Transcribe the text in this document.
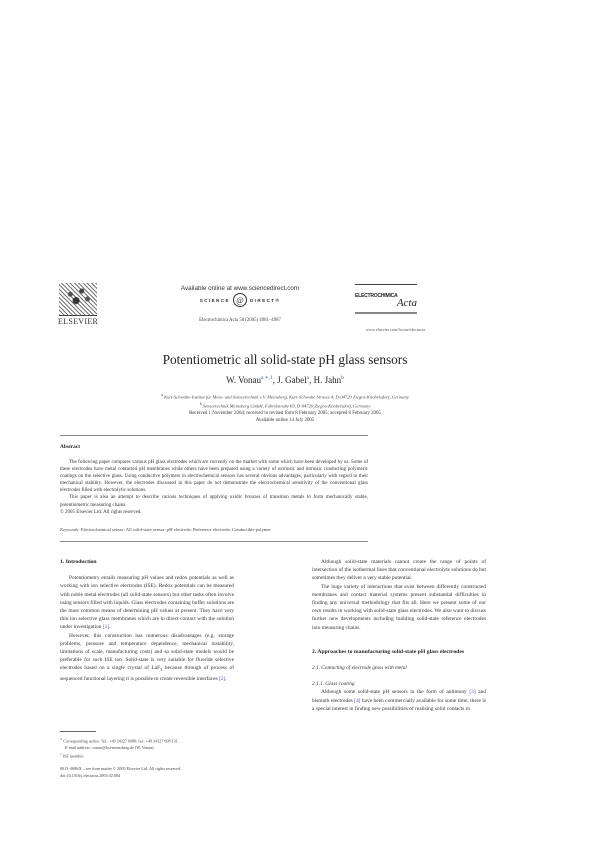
ELSEVIER
Available online at www.sciencedirect.com
SCIENCE @	DIRECT®
Electrochimica Acta 50 (2005) 4981–4987
ELECTROCHIMICA
Acta
www.elsevier.com/locate/electacta
Potentiometric all solid-state pH glass sensors
W. Vonau$^{a,∗,1}$, J. Gabel$^a$, H. Jahn$^b$
$^a$ Kurt-Schwabe-Institut für Mess- und Sensortechnik e.V. Meinsberg, Kurt-Schwabe Strasse 4, D-04720 Ziegra-Knobelsdorf, Germany
$^b$ Sensortechnik Meinsberg GmbH, Fabrikstraße 69, D-04720 Ziegra-Knobelsdorf, Germany
Received 1 November 2004; received in revised form 8 February 2005; accepted 8 February 2005
Available online 14 July 2005
Abstract

The following paper compares various pH glass electrodes which are currently on the market with some which have been developed by us. Some of these electrodes have metal contacted pH membranes while others have been prepared using a variety of extrinsic and intrinsic conducting polymeric coatings on the selective glass. Using conductive polymers in electrochemical sensors has several obvious advantages, particularly with regard to their mechanical stability. However, the electrodes discussed in this paper do not demonstrate the electrochemical sensitivity of the conventional glass electrodes filled with electrolytic solutions.

This paper is also an attempt to describe various techniques of applying oxidic bronzes of transition metals to form mechanically stable, potentiometric measuring chains.

© 2005 Elsevier Ltd. All rights reserved.

Keywords: Electrochemical sensor; All solid-state sensor; pH electrode; Reference electrode; Conductible polymer
1. Introduction

Potentiometry entails measuring pH values and redox potentials as well as working with ion selective electrodes (ISE). Redox potentials can be measured with noble metal electrodes (all solid-state sensors) but other tasks often involve using sensors filled with liquids. Glass electrodes containing buffer solutions are the most common means of determining pH values at present. They have very thin ion selective glass membranes which are in direct contact with the solution under investigation [1].

However, this construction has numerous disadvantages (e.g. storage problems, pressure and temperature dependence, mechanical instability, limitations of scale, manufacturing costs) and so solid-state models would be preferable for such ISE too. Solid-state is very suitable for fluoride selective electrodes based on a single crystal of LaF$_3$ because through of process of sequenced functional layering it is possible to create reversible interfaces [2].

Although solid-state materials cannot create the range of points of intersection of the isothermal lines that conventional electrolyte solutions do but sometimes they deliver a very stable potential.

The huge variety of interactions that exist between differently constructed membranes and contact material systems present substantial difficulties in finding any universal methodology that fits all. Here we present some of our own results in working with solid-state glass electrodes. We also want to discuss further new developments including building solid-state reference electrodes into measuring chains.

2. Approaches to manufacturing solid-state pH glass electrodes
2.1. Contacting of electrode glass with metal
2.1.1. Glass coating

Although some solid-state pH sensors in the form of antimony [3] and bismuth electrodes [4] have been commercially available for some time, there is a special interest in finding new possibilities of realising solid contacts in

∗ Corresponding author. Tel.: +49 34327 6080; fax: +49 34327 608 131.
E-mail address: vonau@ksi-meinsberg.de (W. Vonau).
$^1$ ISE member.
0013-4686/$ – see front matter © 2005 Elsevier Ltd. All rights reserved.
doi:10.1016/j.electacta.2005.02.084
